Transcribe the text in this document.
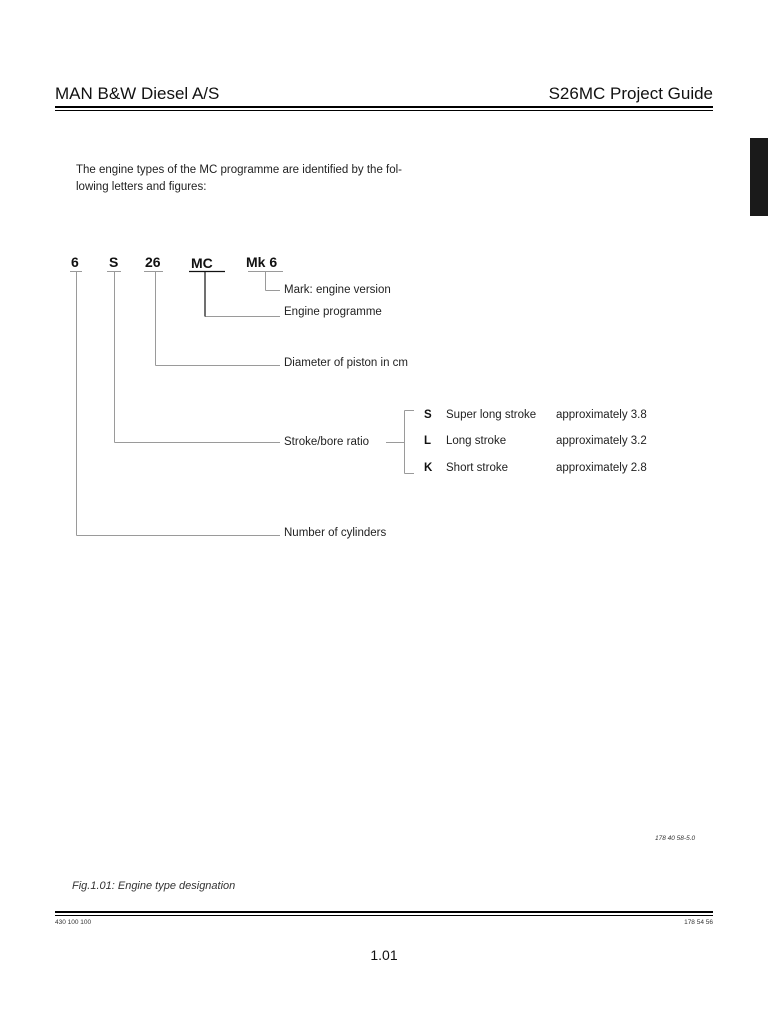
MAN B&W Diesel A/S	S26MC Project Guide
The engine types of the MC programme are identified by the fol-
lowing letters and figures:
6 S 26 MC Mk 6
Mark: engine version
Engine programme
Diameter of piston in cm
Stroke/bore ratio
Number of cylinders
S Super long stroke approximately 3.8
L Long stroke	approximately 3.2
K Short stroke	approximately 2.8
178 40 58-5.0
Fig.1.01: Engine type designation
430 100 100	178 54 56
1.01
